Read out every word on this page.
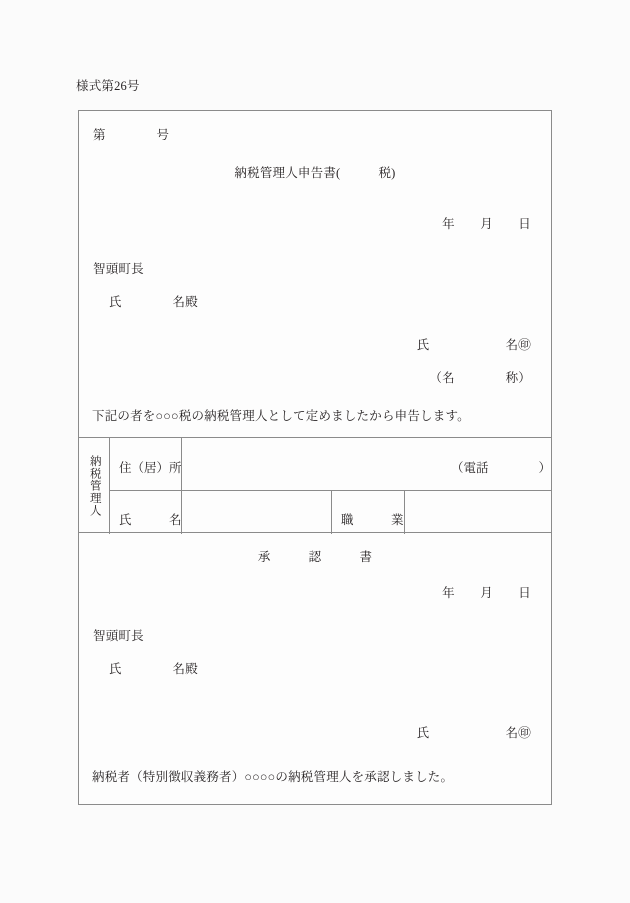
様式第26号
第　　　　号
納税管理人申告書(　　　税)
年　　月　　日
智頭町長
氏　　　　名殿
氏　　　　　　名㊞
（名　　　　称）
下記の者を○○○税の納税管理人として定めましたから申告します。
納税管理人	住（居）所	（電話　　　　）
氏　　　名	職　　　業
承　　　認　　　書
年　　月　　日
智頭町長
氏　　　　名殿
氏　　　　　　名㊞
納税者（特別徴収義務者）○○○○の納税管理人を承認しました。
